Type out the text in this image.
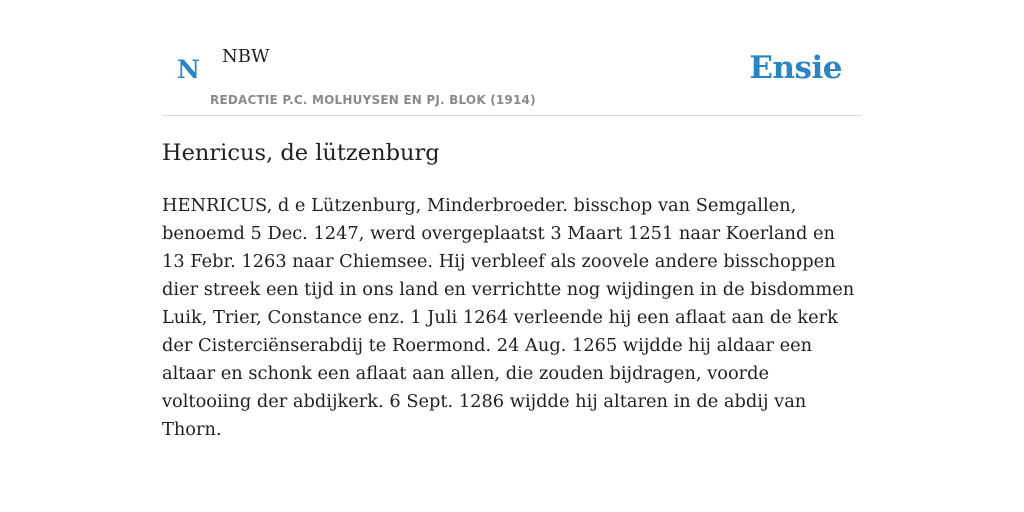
N NBW
REDACTIE P.C. MOLHUYSEN EN PJ. BLOK (1914)
Ensie
Henricus, de lützenburg

HENRICUS, d e Lützenburg, Minderbroeder. bisschop van Semgallen, benoemd 5 Dec. 1247, werd overgeplaatst 3 Maart 1251 naar Koerland en 13 Febr. 1263 naar Chiemsee. Hij verbleef als zoovele andere bisschoppen dier streek een tijd in ons land en verrichtte nog wijdingen in de bisdommen Luik, Trier, Constance enz. 1 Juli 1264 verleende hij een aflaat aan de kerk der Cisterciënserabdij te Roermond. 24 Aug. 1265 wijdde hij aldaar een altaar en schonk een aflaat aan allen, die zouden bijdragen, voorde voltooiing der abdijkerk. 6 Sept. 1286 wijdde hij altaren in de abdij van Thorn.
